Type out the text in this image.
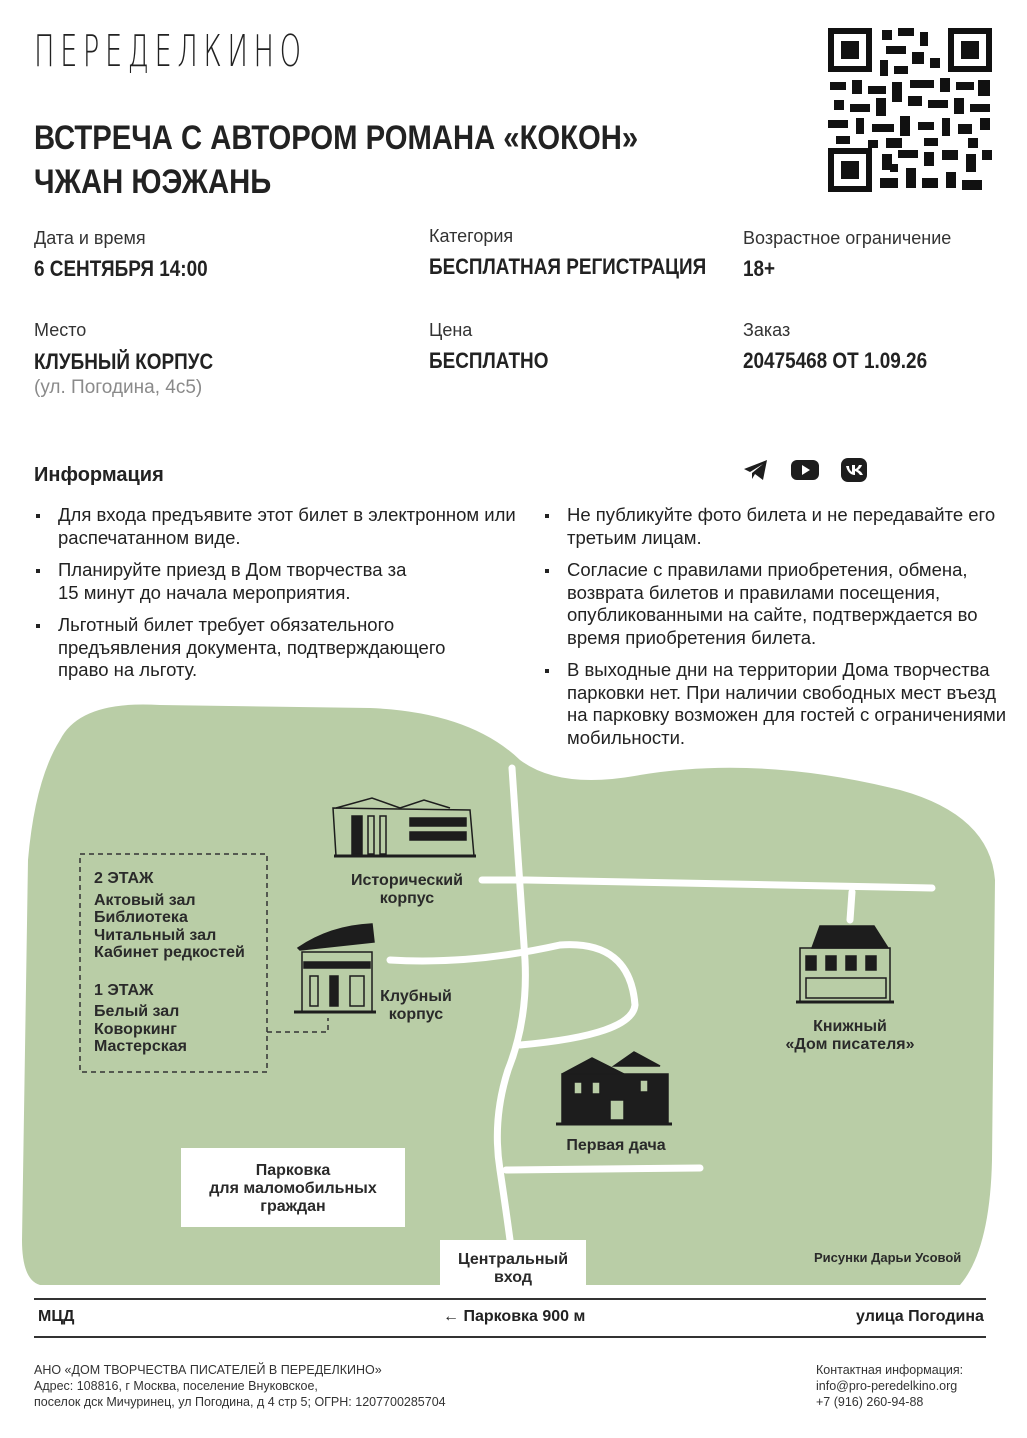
ПЕРЕДЕЛКИНО
ВСТРЕЧА С АВТОРОМ РОМАНА «КОКОН» ЧЖАН ЮЭЖАНЬ
Дата и время
6 СЕНТЯБРЯ 14:00
Категория
БЕСПЛАТНАЯ РЕГИСТРАЦИЯ
Возрастное ограничение
18+
Место
КЛУБНЫЙ КОРПУС
(ул. Погодина, 4с5)
Цена
БЕСПЛАТНО
Заказ
20475468 ОТ 1.09.26
Информация
Для входа предъявите этот билет в электронном или распечатанном виде.
Планируйте приезд в Дом творчества за 15 минут до начала мероприятия.
Льготный билет требует обязательного предъявления документа, подтверждающего право на льготу.
Не публикуйте фото билета и не передавайте его третьим лицам.
Согласие с правилами приобретения, обмена, возврата билетов и правилами посещения, опубликованными на сайте, подтверждается во время приобретения билета.
В выходные дни на территории Дома творчества парковки нет. При наличии свободных мест въезд на парковку возможен для гостей с ограничениями мобильности.
2 ЭТАЖ
Актовый зал
Библиотека
Читальный зал
Кабинет редкостей
1 ЭТАЖ
Белый зал
Коворкинг
Мастерская
Исторический
корпус
Клубный
корпус
Книжный
«Дом писателя»
Первая дача
Парковка
для маломобильных
граждан
Центральный
вход
Рисунки Дарьи Усовой
МЦД	← Парковка 900 м	улица Погодина
АНО «ДОМ ТВОРЧЕСТВА ПИСАТЕЛЕЙ В ПЕРЕДЕЛКИНО»
Адрес: 108816, г Москва, поселение Внуковское,
поселок дск Мичуринец, ул Погодина, д 4 стр 5; ОГРН: 1207700285704
Контактная информация:
info@pro-peredelkino.org
+7 (916) 260-94-88
